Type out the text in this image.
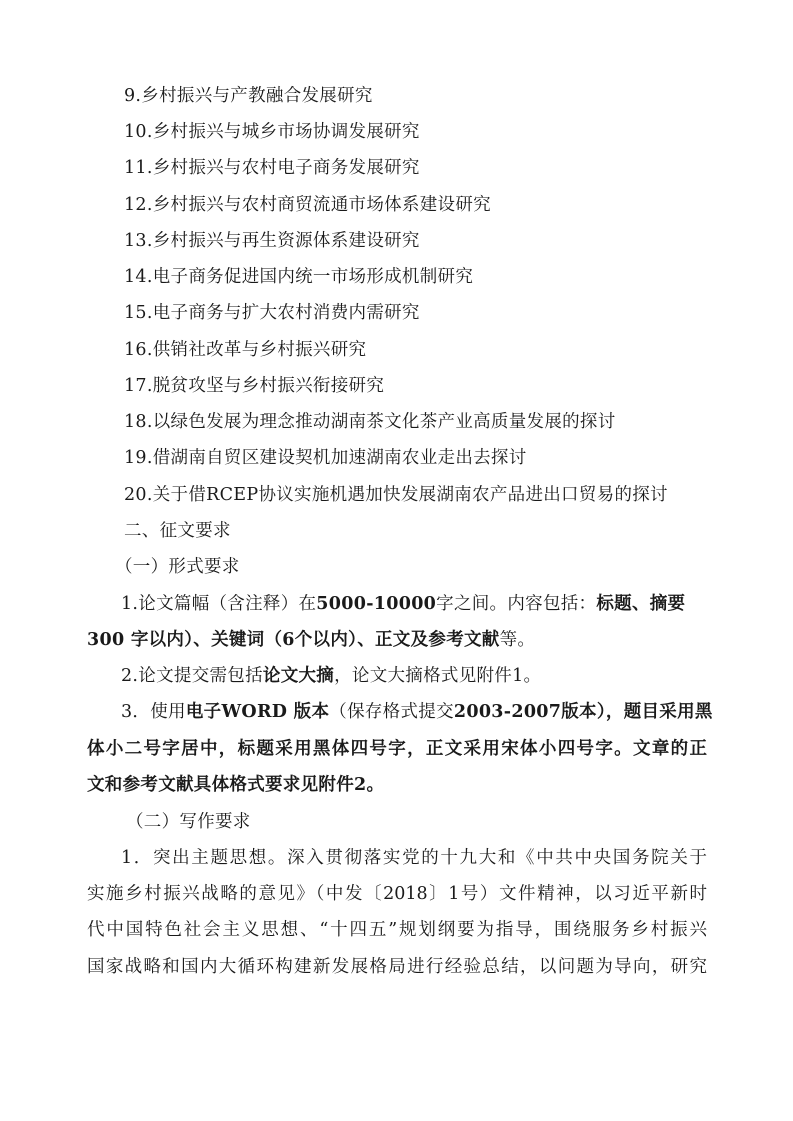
9.乡村振兴与产教融合发展研究
10.乡村振兴与城乡市场协调发展研究
11.乡村振兴与农村电子商务发展研究
12.乡村振兴与农村商贸流通市场体系建设研究
13.乡村振兴与再生资源体系建设研究
14.电子商务促进国内统一市场形成机制研究
15.电子商务与扩大农村消费内需研究
16.供销社改革与乡村振兴研究
17.脱贫攻坚与乡村振兴衔接研究
18.以绿色发展为理念推动湖南茶文化茶产业高质量发展的探讨
19.借湖南自贸区建设契机加速湖南农业走出去探讨
20.关于借RCEP协议实施机遇加快发展湖南农产品进出口贸易的探讨
二、征文要求
（一）形式要求
1.论文篇幅（含注释）在5000-10000字之间。内容包括：标题、摘要
300 字以内）、关键词（6个以内）、正文及参考文献等。
2.论文提交需包括论文大摘，论文大摘格式见附件1。
3．使用电子WORD 版本（保存格式提交2003-2007版本），题目采用黑
体小二号字居中，标题采用黑体四号字，正文采用宋体小四号字。文章的正
文和参考文献具体格式要求见附件2。
（二）写作要求
1．突出主题思想。深入贯彻落实党的十九大和《中共中央国务院关于
实施乡村振兴战略的意见》（中发〔2018〕1号）文件精神，以习近平新时
代中国特色社会主义思想、“十四五”规划纲要为指导，围绕服务乡村振兴
国家战略和国内大循环构建新发展格局进行经验总结，以问题为导向，研究
